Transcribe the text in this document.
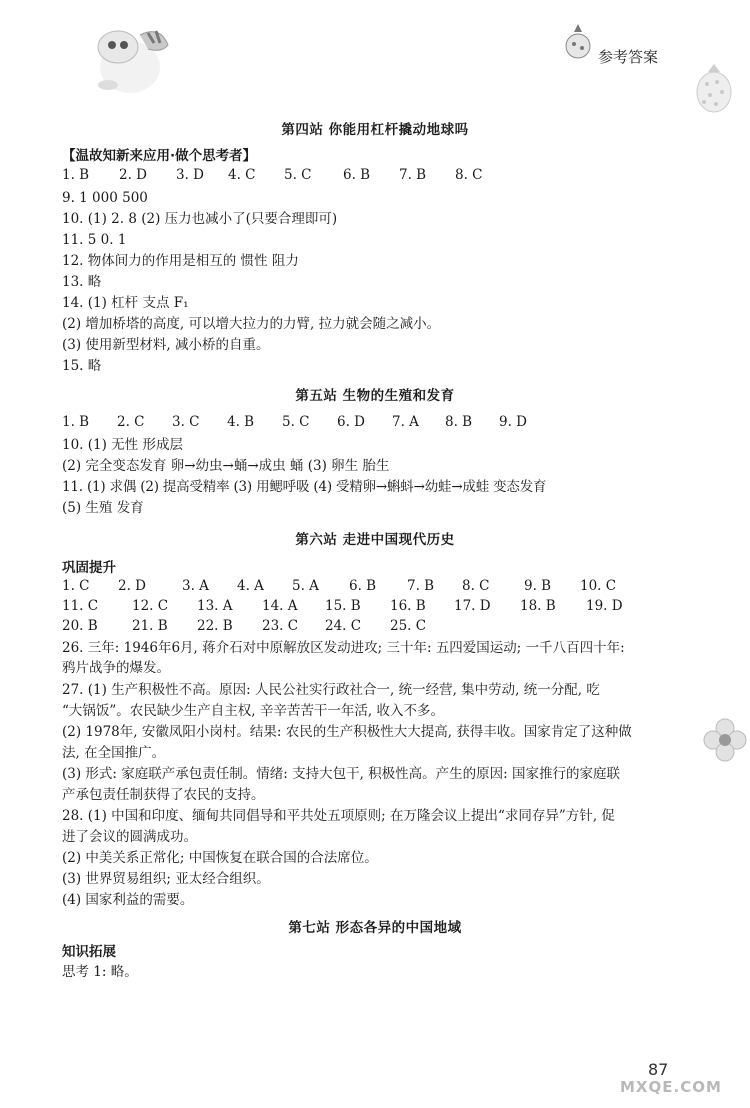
参考答案
第四站 你能用杠杆撬动地球吗
【温故知新来应用·做个思考者】
1. B 2. D 3. D 4. C 5. C 6. B 7. B 8. C
9. 1 000 500
10. (1) 2. 8 (2) 压力也减小了(只要合理即可)
11. 5 0. 1
12. 物体间力的作用是相互的 惯性 阻力
13. 略
14. (1) 杠杆 支点 F₁
(2) 增加桥塔的高度, 可以增大拉力的力臂, 拉力就会随之减小。
(3) 使用新型材料, 减小桥的自重。
15. 略
第五站 生物的生殖和发育
1. B 2. C 3. C 4. B 5. C 6. D 7. A 8. B 9. D
10. (1) 无性 形成层
(2) 完全变态发育 卵→幼虫→蛹→成虫 蛹 (3) 卵生 胎生
11. (1) 求偶 (2) 提高受精率 (3) 用鳃呼吸 (4) 受精卵→蝌蚪→幼蛙→成蛙 变态发育
(5) 生殖 发育
第六站 走进中国现代历史
巩固提升
1. C 2. D	3. A 4. A 5. A 6. B 7. B 8. C	9. B 10. C
11. C	12. C 13. A 14. A 15. B 16. B 17. D 18. B 19. D
20. B	21. B 22. B 23. C 24. C 25. C
26. 三年: 1946年6月, 蒋介石对中原解放区发动进攻; 三十年: 五四爱国运动; 一千八百四十年:
鸦片战争的爆发。
27. (1) 生产积极性不高。原因: 人民公社实行政社合一, 统一经营, 集中劳动, 统一分配, 吃
“大锅饭”。农民缺少生产自主权, 辛辛苦苦干一年活, 收入不多。
(2) 1978年, 安徽凤阳小岗村。结果: 农民的生产积极性大大提高, 获得丰收。国家肯定了这种做
法, 在全国推广。
(3) 形式: 家庭联产承包责任制。情绪: 支持大包干, 积极性高。产生的原因: 国家推行的家庭联
产承包责任制获得了农民的支持。
28. (1) 中国和印度、缅甸共同倡导和平共处五项原则; 在万隆会议上提出“求同存异”方针, 促
进了会议的圆满成功。
(2) 中美关系正常化; 中国恢复在联合国的合法席位。
(3) 世界贸易组织; 亚太经合组织。
(4) 国家利益的需要。
第七站 形态各异的中国地域
知识拓展
思考 1: 略。
87
MXQE.COM
